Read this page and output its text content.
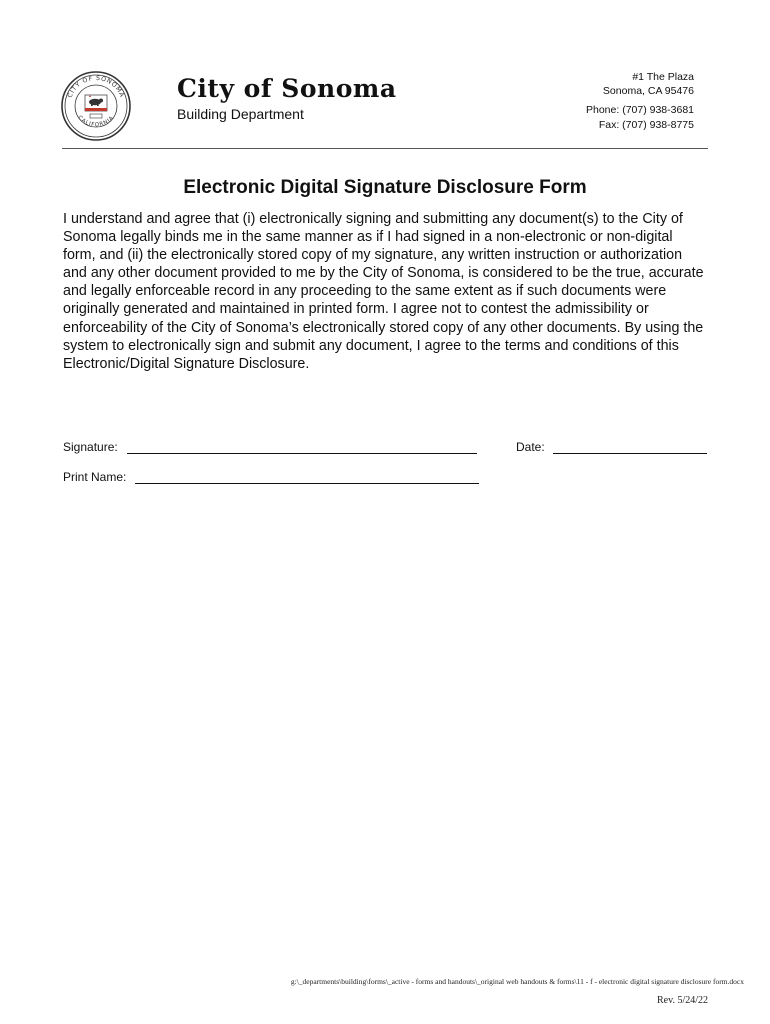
CITY OF SONOMA
CALIFORNIA
City of Sonoma
Building Department
#1 The Plaza
Sonoma, CA 95476
Phone: (707) 938-3681
Fax: (707) 938-8775
Electronic Digital Signature Disclosure Form
I understand and agree that (i) electronically signing and submitting any document(s) to the City of Sonoma legally binds me in the same manner as if I had signed in a non-electronic or non-digital form, and (ii) the electronically stored copy of my signature, any written instruction or authorization and any other document provided to me by the City of Sonoma, is considered to be the true, accurate and legally enforceable record in any proceeding to the same extent as if such documents were originally generated and maintained in printed form. I agree not to contest the admissibility or enforceability of the City of Sonoma’s electronically stored copy of any other documents. By using the system to electronically sign and submit any document, I agree to the terms and conditions of this Electronic/Digital Signature Disclosure.
Signature:	Date:
Print Name:
g:\_departments\building\forms\_active - forms and handouts\_original web handouts & forms\11 - f - electronic digital signature disclosure form.docx
Rev. 5/24/22
